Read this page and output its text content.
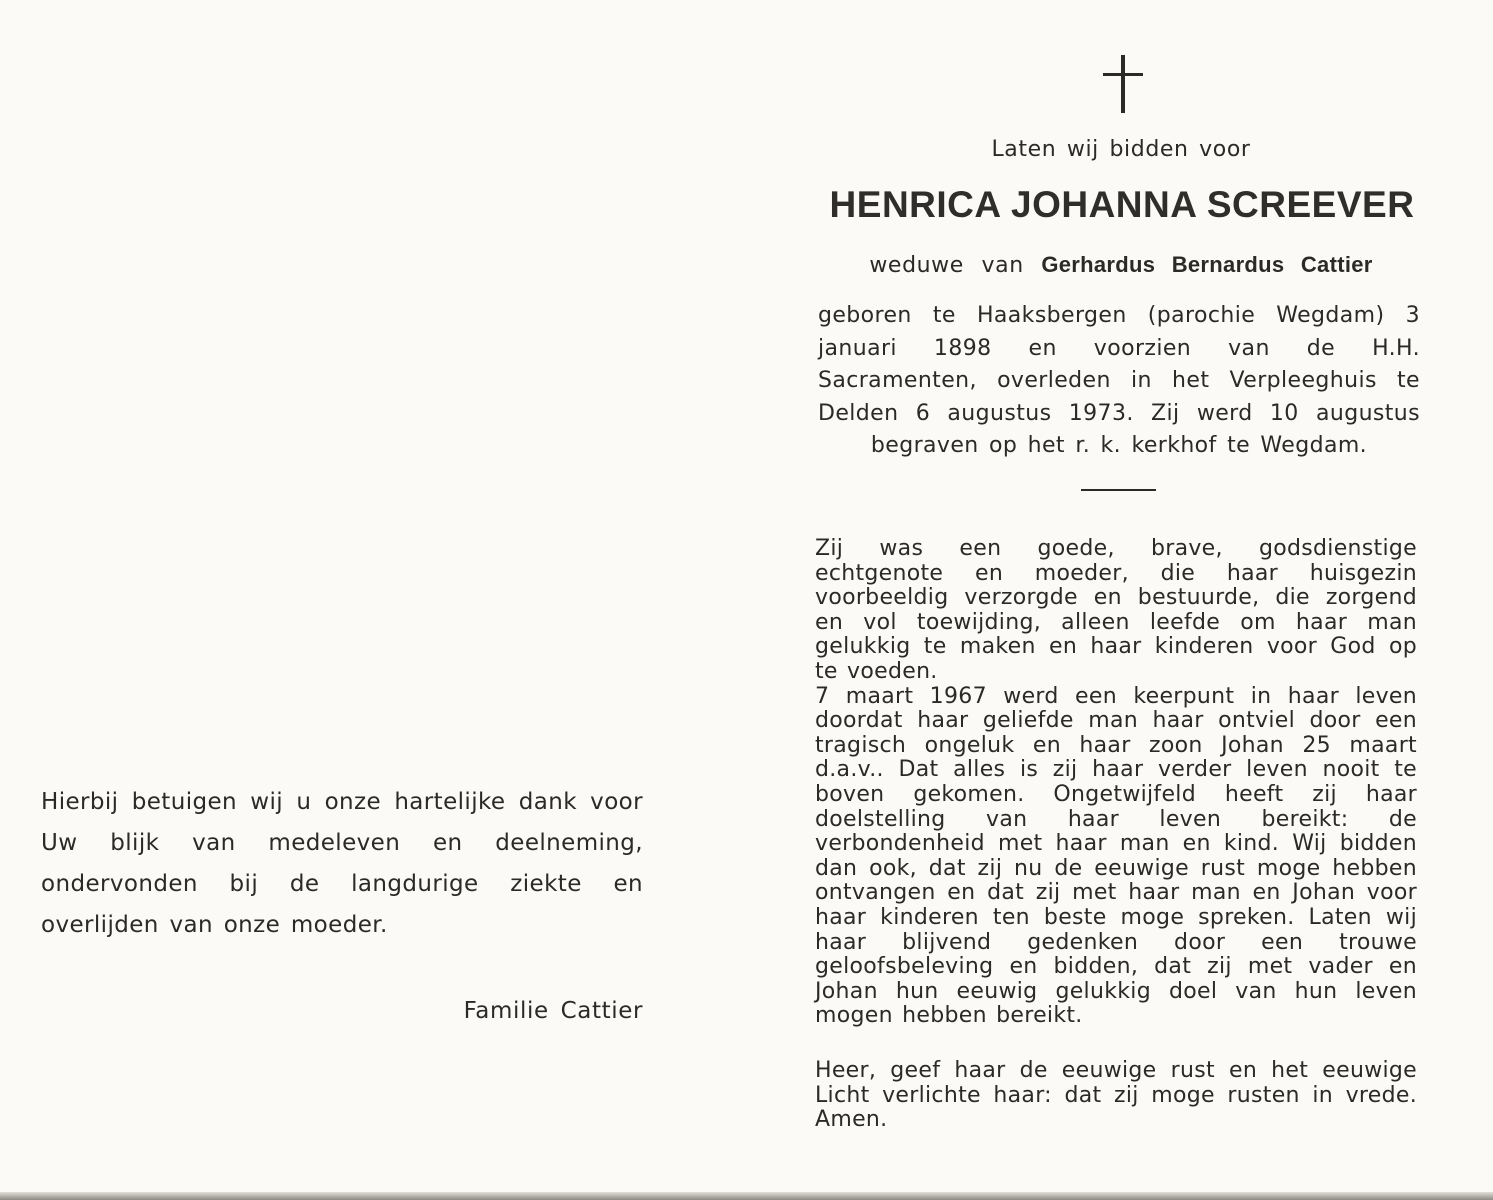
Hierbij betuigen wij u onze hartelijke dank voor Uw blijk van medeleven en deelneming, ondervonden bij de langdurige ziekte en overlijden van onze moeder.
Familie Cattier
Laten wij bidden voor
HENRICA JOHANNA SCREEVER
weduwe van Gerhardus Bernardus Cattier
geboren te Haaksbergen (parochie Wegdam) 3 januari 1898 en voorzien van de H.H. Sacramenten, overleden in het Verpleeghuis te Delden 6 augustus 1973. Zij werd 10 augustus begraven op het r. k. kerkhof te Wegdam.

Zij was een goede, brave, godsdienstige echtgenote en moeder, die haar huisgezin voorbeeldig verzorgde en bestuurde, die zorgend en vol toewijding, alleen leefde om haar man gelukkig te maken en haar kinderen voor God op te voeden.

7 maart 1967 werd een keerpunt in haar leven doordat haar geliefde man haar ontviel door een tragisch ongeluk en haar zoon Johan 25 maart d.a.v.. Dat alles is zij haar verder leven nooit te boven gekomen. Ongetwijfeld heeft zij haar doelstelling van haar leven bereikt: de verbondenheid met haar man en kind. Wij bidden dan ook, dat zij nu de eeuwige rust moge hebben ontvangen en dat zij met haar man en Johan voor haar kinderen ten beste moge spreken. Laten wij haar blijvend gedenken door een trouwe geloofsbeleving en bidden, dat zij met vader en Johan hun eeuwig gelukkig doel van hun leven mogen hebben bereikt.

Heer, geef haar de eeuwige rust en het eeuwige Licht verlichte haar: dat zij moge rusten in vrede. Amen.
